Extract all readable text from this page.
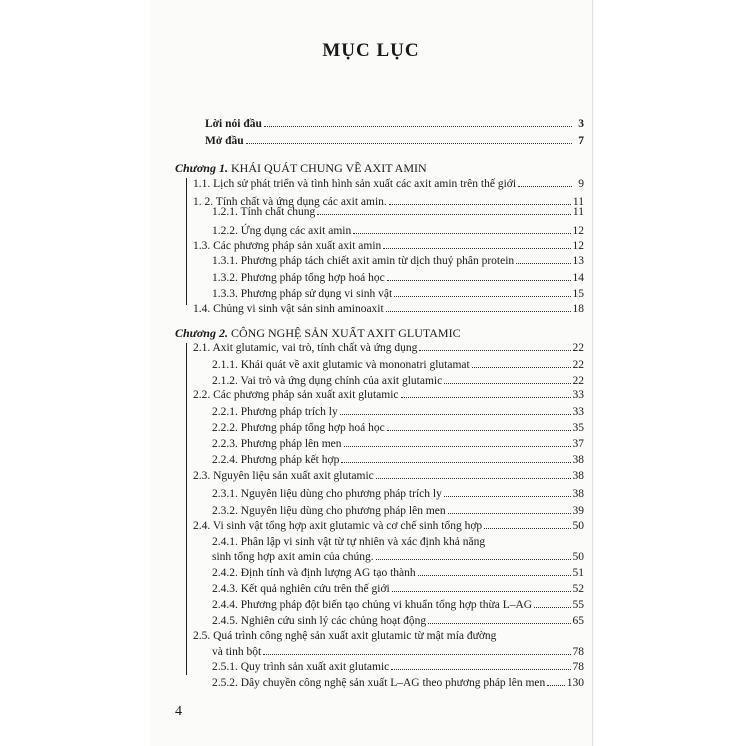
MỤC LỤC
Lời nói đầu	3
Mở đầu	7
Chương 1. KHÁI QUÁT CHUNG VỀ AXIT AMIN
1.1. Lịch sử phát triển và tình hình sản xuất các axit amin trên thế giới	9
1. 2. Tính chất và ứng dụng các axit amin.	11
1.2.1. Tính chất chung	11
1.2.2. Ứng dụng các axit amin	12
1.3. Các phương pháp sản xuất axit amin	12
1.3.1. Phương pháp tách chiết axit amin từ dịch thuỷ phân protein	13
1.3.2. Phương pháp tổng hợp hoá học	14
1.3.3. Phương pháp sử dụng vi sinh vật	15
1.4. Chủng vi sinh vật sản sinh aminoaxit	18
Chương 2. CÔNG NGHỆ SẢN XUẤT AXIT GLUTAMIC
2.1. Axit glutamic, vai trò, tính chất và ứng dụng	22
2.1.1. Khái quát về axit glutamic và mononatri glutamat	22
2.1.2. Vai trò và ứng dụng chính của axit glutamic	22
2.2. Các phương pháp sản xuất axit glutamic	33
2.2.1. Phương pháp trích ly	33
2.2.2. Phương pháp tổng hợp hoá học	35
2.2.3. Phương pháp lên men	37
2.2.4. Phương pháp kết hợp	38
2.3. Nguyên liệu sản xuất axit glutamic	38
2.3.1. Nguyên liệu dùng cho phương pháp trích ly	38
2.3.2. Nguyên liệu dùng cho phương pháp lên men	39
2.4. Vi sinh vật tổng hợp axit glutamic và cơ chế sinh tổng hợp	50
2.4.1. Phân lập vi sinh vật từ tự nhiên và xác định khả năng
sinh tổng hợp axit amin của chúng.	50
2.4.2. Định tính và định lượng AG tạo thành	51
2.4.3. Kết quả nghiên cứu trên thế giới	52
2.4.4. Phương pháp đột biến tạo chủng vi khuẩn tổng hợp thừa L–AG	55
2.4.5. Nghiên cứu sinh lý các chủng hoạt động	65
2.5. Quá trình công nghệ sản xuất axit glutamic từ mật mía đường
và tinh bột	78
2.5.1. Quy trình sản xuất axit glutamic	78
2.5.2. Dây chuyền công nghệ sản xuất L–AG theo phương pháp lên men 130
4
